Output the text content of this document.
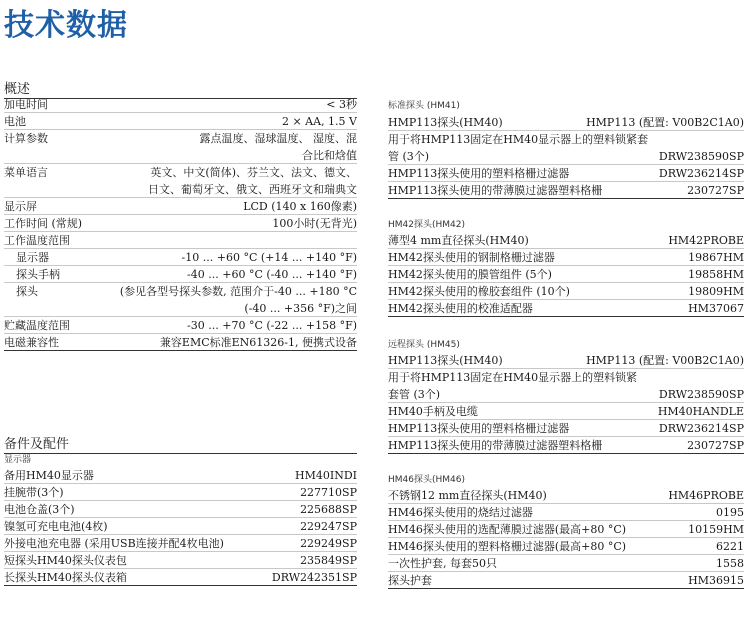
技术数据
概述
加电时间	< 3秒
电池	2 × AA, 1.5 V
计算参数	露点温度、湿球温度、 湿度、混
合比和焓值
菜单语言	英文、中文(简体)、芬兰文、法文、德文、
日文、葡萄牙文、俄文、西班牙文和瑞典文
显示屏	LCD (140 x 160像素)
工作时间 (常规)	100小时(无背光)
工作温度范围
显示器	-10 ... +60 °C (+14 ... +140 °F)
探头手柄	-40 ... +60 °C (-40 ... +140 °F)
探头	(参见各型号探头参数, 范围介于-40 ... +180 °C
(-40 ... +356 °F)之间
贮藏温度范围	-30 ... +70 °C (-22 ... +158 °F)
电磁兼容性	兼容EMC标准EN61326-1, 便携式设备
备件及配件
显示器
备用HM40显示器	HM40INDI
挂腕带(3个)	227710SP
电池仓盖(3个)	225688SP
镍氢可充电电池(4枚)	229247SP
外接电池充电器 (采用USB连接并配4枚电池)	229249SP
短探头HM40探头仪表包	235849SP
长探头HM40探头仪表箱	DRW242351SP
标准探头 (HM41)
HMP113探头(HM40)	HMP113 (配置: V00B2C1A0)
用于将HMP113固定在HM40显示器上的塑料锁紧套
管 (3个)	DRW238590SP
HMP113探头使用的塑料格栅过滤器	DRW236214SP
HMP113探头使用的带薄膜过滤器塑料格栅	230727SP
HM42探头(HM42)
薄型4 mm直径探头(HM40)	HM42PROBE
HM42探头使用的钢制格栅过滤器	19867HM
HM42探头使用的膜管组件 (5个)	19858HM
HM42探头使用的橡胶套组件 (10个)	19809HM
HM42探头使用的校准适配器	HM37067
远程探头 (HM45)
HMP113探头(HM40)	HMP113 (配置: V00B2C1A0)
用于将HMP113固定在HM40显示器上的塑料锁紧
套管 (3个)	DRW238590SP
HM40手柄及电缆	HM40HANDLE
HMP113探头使用的塑料格栅过滤器	DRW236214SP
HMP113探头使用的带薄膜过滤器塑料格栅	230727SP
HM46探头(HM46)
不锈钢12 mm直径探头(HM40)	HM46PROBE
HM46探头使用的烧结过滤器	0195
HM46探头使用的选配薄膜过滤器(最高+80 °C)	10159HM
HM46探头使用的塑料格栅过滤器(最高+80 °C)	6221
一次性护套, 每套50只	1558
探头护套	HM36915
